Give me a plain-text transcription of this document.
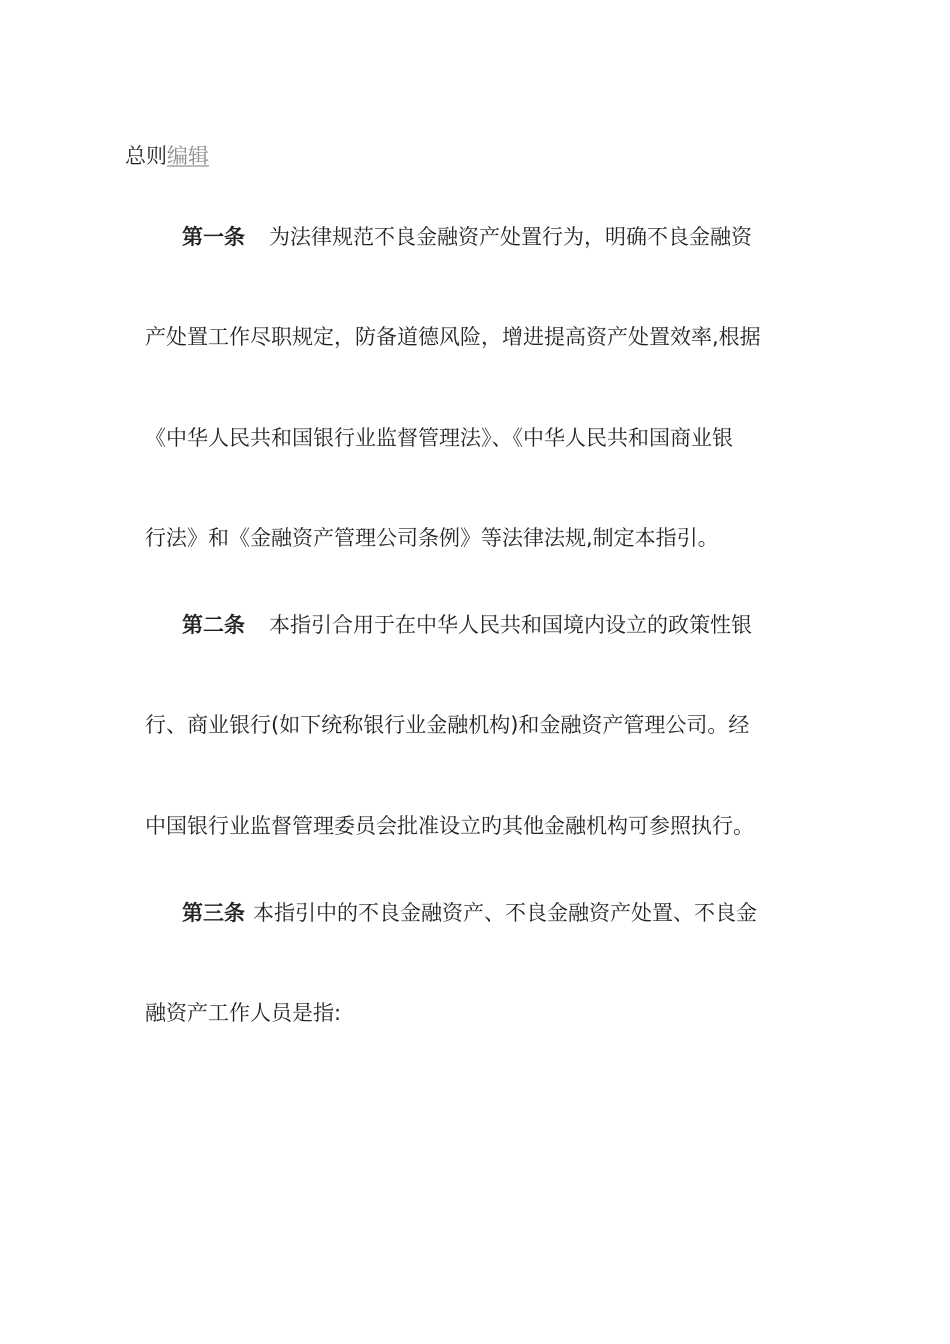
总则编辑
第一条 为法律规范不良金融资产处置行为，明确不良金融资
产处置工作尽职规定，防备道德风险，增进提高资产处置效率,根据
《中华人民共和国银行业监督管理法》、《中华人民共和国商业银
行法》和《金融资产管理公司条例》等法律法规,制定本指引。
第二条 本指引合用于在中华人民共和国境内设立的政策性银
行、商业银行(如下统称银行业金融机构)和金融资产管理公司。经
中国银行业监督管理委员会批准设立旳其他金融机构可参照执行。
第三条 本指引中的不良金融资产、不良金融资产处置、不良金
融资产工作人员是指:
